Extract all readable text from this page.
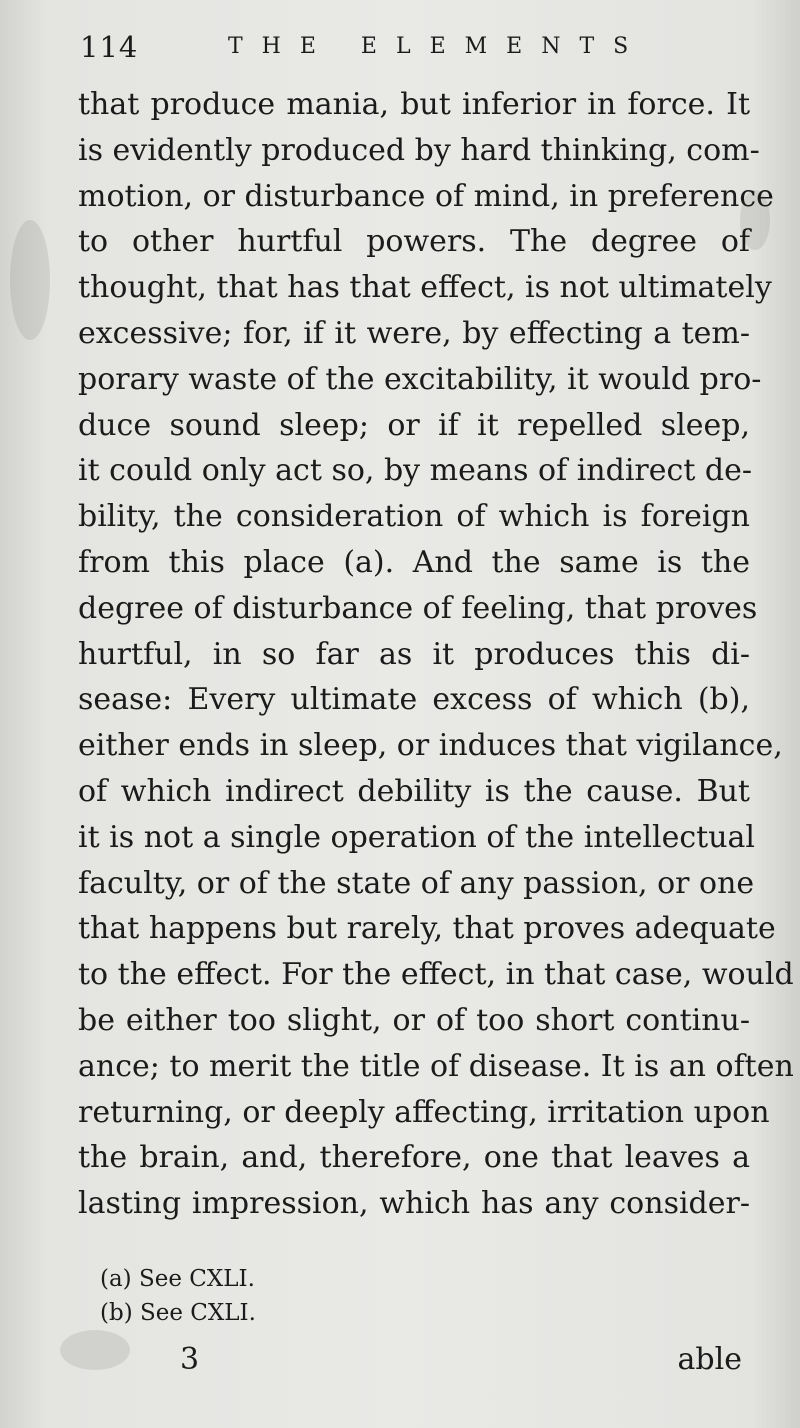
114	THE ELEMENTS
that produce mania, but inferior in force. It
is evidently produced by hard thinking, com-
motion, or disturbance of mind, in preference
to other hurtful powers. The degree of
thought, that has that effect, is not ultimately
excessive; for, if it were, by effecting a tem-
porary waste of the excitability, it would pro-
duce sound sleep; or if it repelled sleep,
it could only act so, by means of indirect de-
bility, the consideration of which is foreign
from this place (a). And the same is the
degree of disturbance of feeling, that proves
hurtful, in so far as it produces this di-
sease: Every ultimate excess of which (b),
either ends in sleep, or induces that vigilance,
of which indirect debility is the cause. But
it is not a single operation of the intellectual
faculty, or of the state of any passion, or one
that happens but rarely, that proves adequate
to the effect. For the effect, in that case, would
be either too slight, or of too short continu-
ance; to merit the title of disease. It is an often
returning, or deeply affecting, irritation upon
the brain, and, therefore, one that leaves a
lasting impression, which has any consider-
(a) See CXLI.
(b) See CXLI.
3	able
